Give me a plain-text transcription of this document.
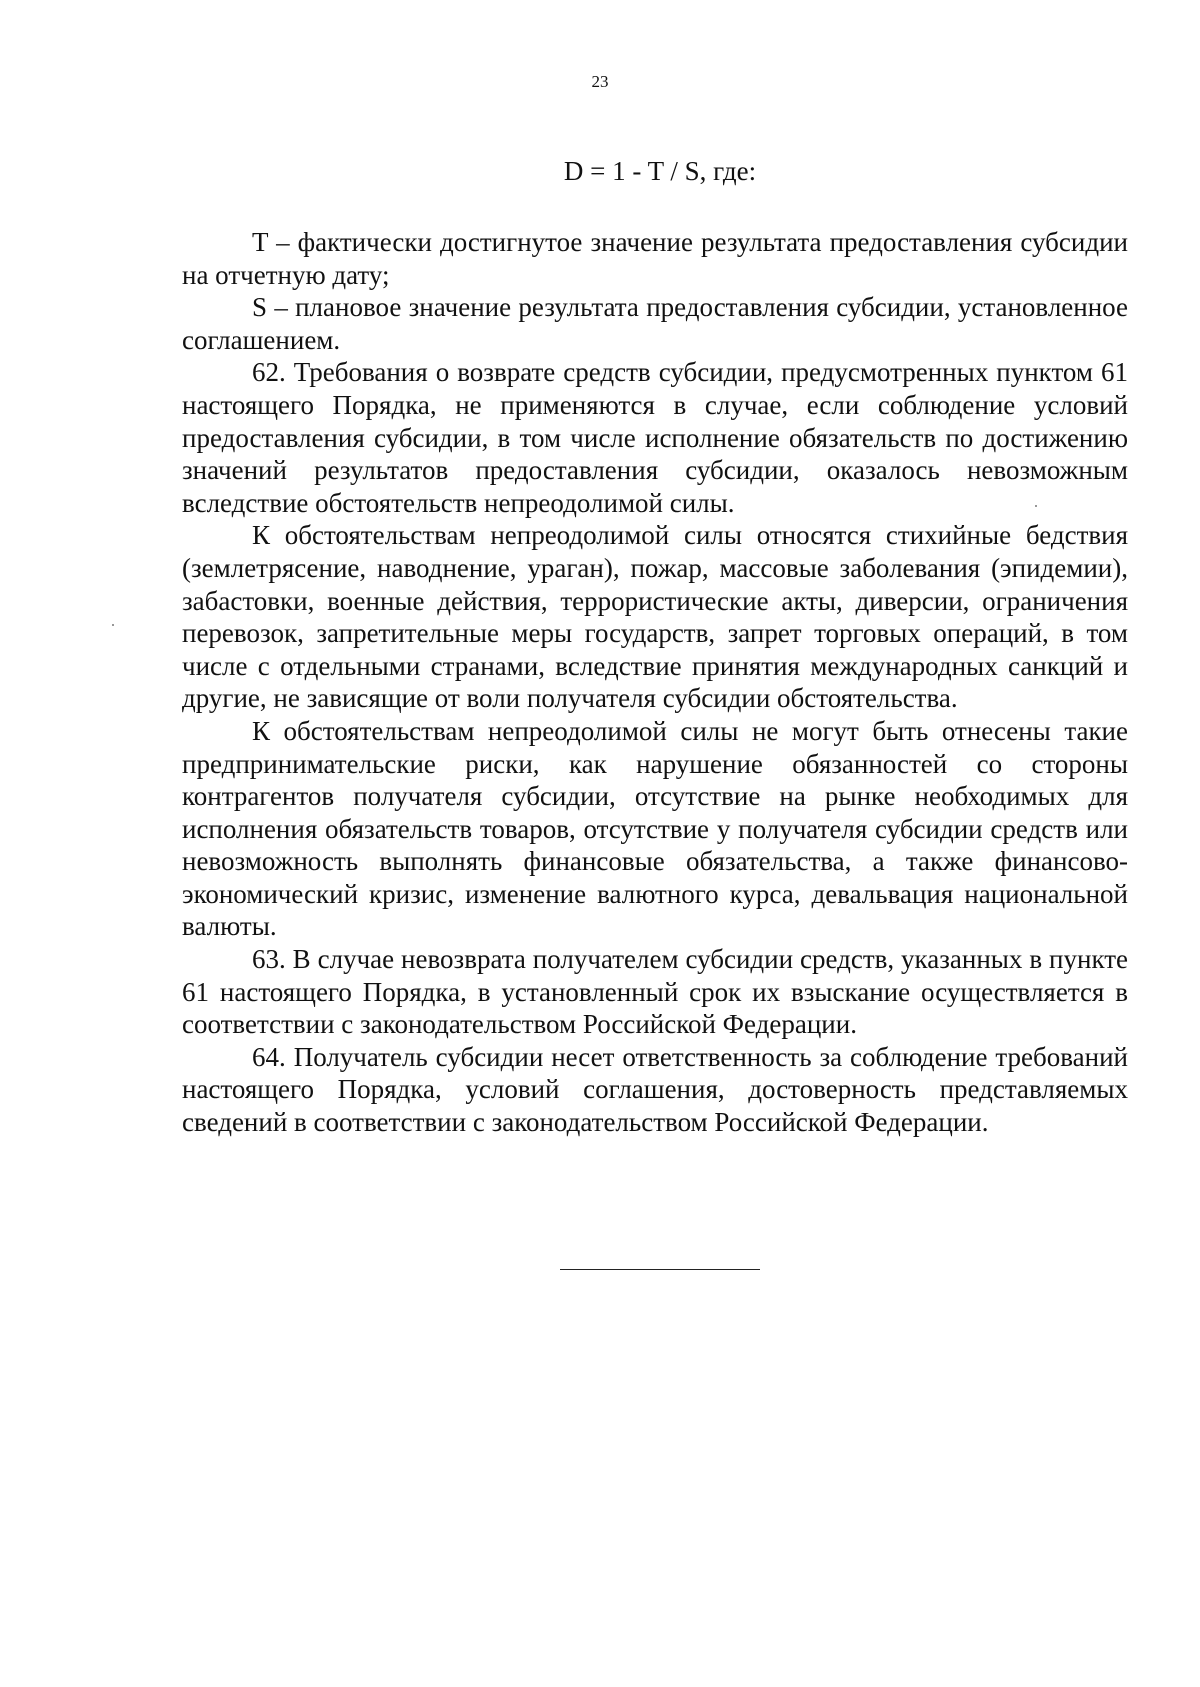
23
D = 1 - T / S, где:

T – фактически достигнутое значение результата предоставления субсидии на отчетную дату;

S – плановое значение результата предоставления субсидии, установленное соглашением.

62. Требования о возврате средств субсидии, предусмотренных пунктом 61 настоящего Порядка, не применяются в случае, если соблюдение условий предоставления субсидии, в том числе исполнение обязательств по достижению значений результатов предоставления субсидии, оказалось невозможным вследствие обстоятельств непреодолимой силы.

К обстоятельствам непреодолимой силы относятся стихийные бедствия (землетрясение, наводнение, ураган), пожар, массовые заболевания (эпидемии), забастовки, военные действия, террористические акты, диверсии, ограничения перевозок, запретительные меры государств, запрет торговых операций, в том числе с отдельными странами, вследствие принятия международных санкций и другие, не зависящие от воли получателя субсидии обстоятельства.

К обстоятельствам непреодолимой силы не могут быть отнесены такие предпринимательские риски, как нарушение обязанностей со стороны контрагентов получателя субсидии, отсутствие на рынке необходимых для исполнения обязательств товаров, отсутствие у получателя субсидии средств или невозможность выполнять финансовые обязательства, а также финансово-экономический кризис, изменение валютного курса, девальвация национальной валюты.

63. В случае невозврата получателем субсидии средств, указанных в пункте 61 настоящего Порядка, в установленный срок их взыскание осуществляется в соответствии с законодательством Российской Федерации.

64. Получатель субсидии несет ответственность за соблюдение требований настоящего Порядка, условий соглашения, достоверность представляемых сведений в соответствии с законодательством Российской Федерации.
